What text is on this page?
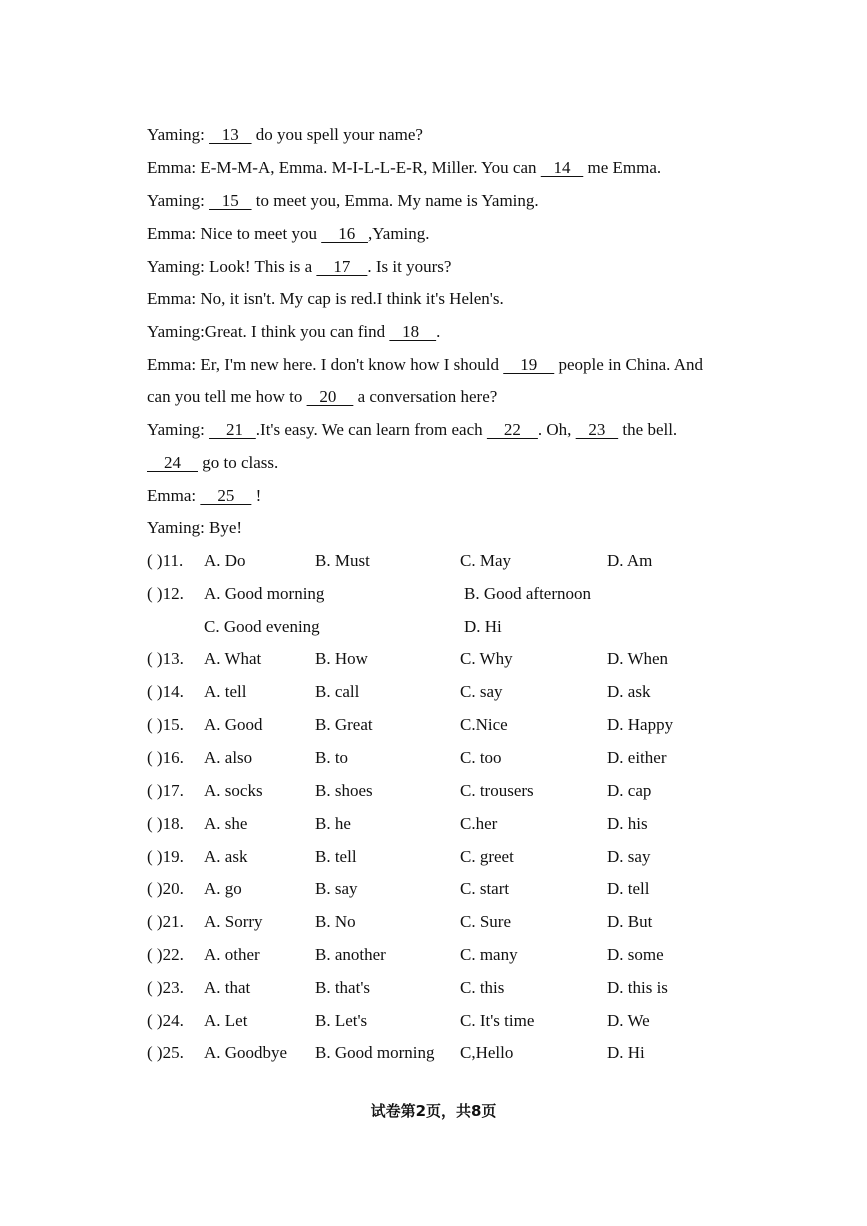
Yaming:    13    do you spell your name?
Emma: E-M-M-A, Emma. M-I-L-L-E-R, Miller. You can    14    me Emma.
Yaming:    15    to meet you, Emma. My name is Yaming.
Emma: Nice to meet you     16   ,Yaming.
Yaming: Look! This is a     17    . Is it yours?
Emma: No, it isn't. My cap is red.I think it's Helen's.
Yaming:Great. I think you can find    18    .
Emma: Er, I'm new here. I don't know how I should     19     people in China. And
can you tell me how to    20     a conversation here?
Yaming:     21   .It's easy. We can learn from each     22    . Oh,    23    the bell.
24     go to class.
Emma:     25     !
Yaming: Bye!
( )11. A. Do	B. Must	C. May	D. Am
( )12. A. Good morning	B. Good afternoon
C. Good evening	D. Hi
( )13. A. What	B. How	C. Why	D. When
( )14. A. tell	B. call	C. say	D. ask
( )15. A. Good	B. Great	C.Nice	D. Happy
( )16. A. also	B. to	C. too	D. either
( )17. A. socks	B. shoes	C. trousers	D. cap
( )18. A. she	B. he	C.her	D. his
( )19. A. ask	B. tell	C. greet	D. say
( )20. A. go	B. say	C. start	D. tell
( )21. A. Sorry	B. No	C. Sure	D. But
( )22. A. other	B. another	C. many	D. some
( )23. A. that	B. that's	C. this	D. this is
( )24. A. Let	B. Let's	C. It's time	D. We
( )25. A. Goodbye B. Good morning C,Hello	D. Hi
试卷第2页，共8页
